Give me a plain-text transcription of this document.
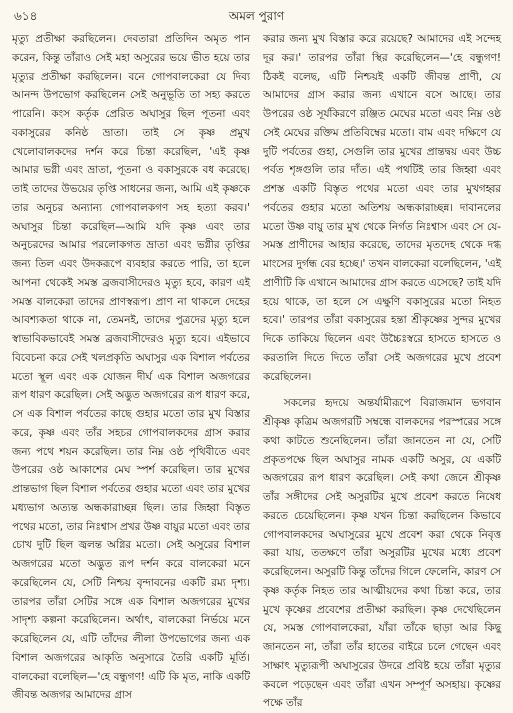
৬১৪	অমল পুরাণ

মৃত্যু প্রতীক্ষা করছিলেন। দেবতারা প্রতিদিন অমৃত পান করেন, কিন্তু তাঁরাও সেই মহা অসুরের ভয়ে ভীত হয়ে তার মৃত্যুর প্রতীক্ষা করছিলেন। বনে গোপবালকেরা যে দিব্য আনন্দ উপভোগ করছিলেন সেই অনুভূতি তা সহ্য করতে পারেনি। কংস কর্তৃক প্রেরিত অঘাসুর ছিল পূতনা এবং বকাসুরের কনিষ্ঠ ভ্রাতা। তাই সে কৃষ্ণ প্রমুখ খেলোবালকদের দর্শন করে চিন্তা করেছিল, 'এই কৃষ্ণ আমার ভগ্নী এবং ভ্রাতা, পূতনা ও বকাসুরকে বধ করেছে। তাই তাদের উভয়ের তৃপ্তি সাধনের জন্য, আমি এই কৃষ্ণকে তার অনুচর অন্যান্য গোপবালকগণ সহ হত্যা করব।' অঘাসুর চিন্তা করেছিল—আমি যদি কৃষ্ণ এবং তার অনুচরদের আমার পরলোকগত ভ্রাতা এবং ভগ্নীর তৃপ্তির জন্য তিল এবং উদকরূপে ব্যবহার করতে পারি, তা হলে আপনা থেকেই সমস্ত ব্রজবাসীদেরও মৃত্যু হবে, কারণ এই সমস্ত বালকেরা তাদের প্রাণস্বরূপ। প্রাণ না থাকলে দেহের আবশ্যকতা থাকে না, তেমনই, তাদের পুত্রদের মৃত্যু হলে স্বাভাবিকভাবেই সমস্ত ব্রজবাসীদেরও মৃত্যু হবে। এইভাবে বিবেচনা করে সেই খলপ্রকৃতি অঘাসুর এক বিশাল পর্বতের মতো স্থূল এবং এক যোজন দীর্ঘ এক বিশাল অজগরের রূপ ধারণ করেছিল। সেই অদ্ভুত অজগরের রূপ ধারণ করে, সে এক বিশাল পর্বতের কাছে গুহার মতো তার মুখ বিস্তার করে, কৃষ্ণ এবং তাঁর সহচর গোপবালকদের গ্রাস করার জন্য পথে শয়ন করেছিল। তার নিম্ন ওষ্ঠ পৃথিবীতে এবং উপরের ওষ্ঠ আকাশের মেঘ স্পর্শ করেছিল। তার মুখের প্রান্তভাগ ছিল বিশাল পর্বতের গুহার মতো এবং তার মুখের মধ্যভাগ অত্যন্ত অন্ধকারাচ্ছন্ন ছিল। তার জিহ্বা বিস্তৃত পথের মতো, তার নিঃশ্বাস প্রখর উষ্ণ বায়ুর মতো এবং তার চোখ দুটি ছিল জ্বলন্ত অগ্নির মতো। সেই অসুরের বিশাল অজগরের মতো অদ্ভুত রূপ দর্শন করে বালকেরা মনে করেছিলেন যে, সেটি নিশ্চয় বৃন্দাবনের একটি রম্য দৃশ্য। তারপর তাঁরা সেটির সঙ্গে এক বিশাল অজগরের মুখের সাদৃশ্য কল্পনা করেছিলেন। অর্থাৎ, বালকেরা নির্ভয়ে মনে করেছিলেন যে, এটি তাঁদের লীলা উপভোগের জন্য এক বিশাল অজগরের আকৃতি অনুসারে তৈরি একটি মূর্তি। বালকেরা বলেছিল—'হে বন্ধুগণ! এটি কি মৃত, নাকি একটি জীবন্ত অজগর আমাদের গ্রাস

করার জন্য মুখ বিস্তার করে রয়েছে? আমাদের এই সন্দেহ দূর কর।' তারপর তাঁরা স্থির করেছিলেন—'হে বন্ধুগণ! ঠিকই বলেছ, এটি নিশ্চয়ই একটি জীবন্ত প্রাণী, যে আমাদের গ্রাস করার জন্য এখানে বসে আছে। তার উপরের ওষ্ঠ সূর্যকিরণে রঞ্জিত মেঘের মতো এবং নিম্ন ওষ্ঠ সেই মেঘের রক্তিম প্রতিবিম্বের মতো। বাম এবং দক্ষিণে যে দুটি পর্বতের গুহা, সেগুলি তার মুখের প্রান্তদ্বয় এবং উচ্চ পর্বত শৃঙ্গগুলি তার দাঁত। এই পথটিই তার জিহ্বা এবং প্রশস্ত একটি বিস্তৃত পথের মতো এবং তার মুখগহ্বর পর্বতের গুহার মতো অতিশয় অন্ধকারাচ্ছন্ন। দাবানলের মতো উষ্ণ বায়ু তার মুখ থেকে নির্গত নিঃশ্বাস এবং সে যে-সমস্ত প্রাণীদের আহার করেছে, তাদের মৃতদেহ থেকে দগ্ধ মাংসের দুর্গন্ধ বের হচ্ছে।' তখন বালকেরা বলেছিলেন, 'এই প্রাণীটি কি এখানে আমাদের গ্রাস করতে এসেছে? তাই যদি হয়ে থাকে, তা হলে সে এক্ষুণি বকাসুরের মতো নিহত হবে।' তারপর তাঁরা বকাসুরের হন্তা শ্রীকৃষ্ণের সুন্দর মুখের দিকে তাকিয়ে ছিলেন এবং উচ্চৈঃস্বরে হাসতে হাসতে ও করতালি দিতে দিতে তাঁরা সেই অজগরের মুখে প্রবেশ করেছিলেন।

সকলের হৃদয়ে অন্তর্যামীরূপে বিরাজমান ভগবান শ্রীকৃষ্ণ কৃত্রিম অজগরটি সম্বন্ধে বালকদের পরস্পরের সঙ্গে কথা কাটতে শুনেছিলেন। তাঁরা জানতেন না যে, সেটি প্রকৃতপক্ষে ছিল অঘাসুর নামক একটি অসুর, যে একটি অজগরের রূপ ধারণ করেছিল। সেই কথা জেনে শ্রীকৃষ্ণ তাঁর সঙ্গীদের সেই অসুরটির মুখে প্রবেশ করতে নিষেধ করতে চেয়েছিলেন। কৃষ্ণ যখন চিন্তা করছিলেন কিভাবে গোপবালকদের অঘাসুরের মুখে প্রবেশ করা থেকে নিবৃত্ত করা যায়, ততক্ষণে তাঁরা অসুরটির মুখের মধ্যে প্রবেশ করেছিলেন। অসুরটি কিন্তু তাঁদের গিলে ফেলেনি, কারণ সে কৃষ্ণ কর্তৃক নিহত তার আত্মীয়দের কথা চিন্তা করে, তার মুখে কৃষ্ণের প্রবেশের প্রতীক্ষা করছিল। কৃষ্ণ দেখেছিলেন যে, সমস্ত গোপবালকেরা, যাঁরা তাঁকে ছাড়া আর কিছু জানতেন না, তাঁরা তাঁর হাতের বাইরে চলে গেছেন এবং সাক্ষাৎ মৃত্যুরূপী অঘাসুরের উদরে প্রবিষ্ট হয়ে তাঁরা মৃত্যুর কবলে পড়েছেন এবং তাঁরা এখন সম্পূর্ণ অসহায়। কৃষ্ণের পক্ষে তাঁর
